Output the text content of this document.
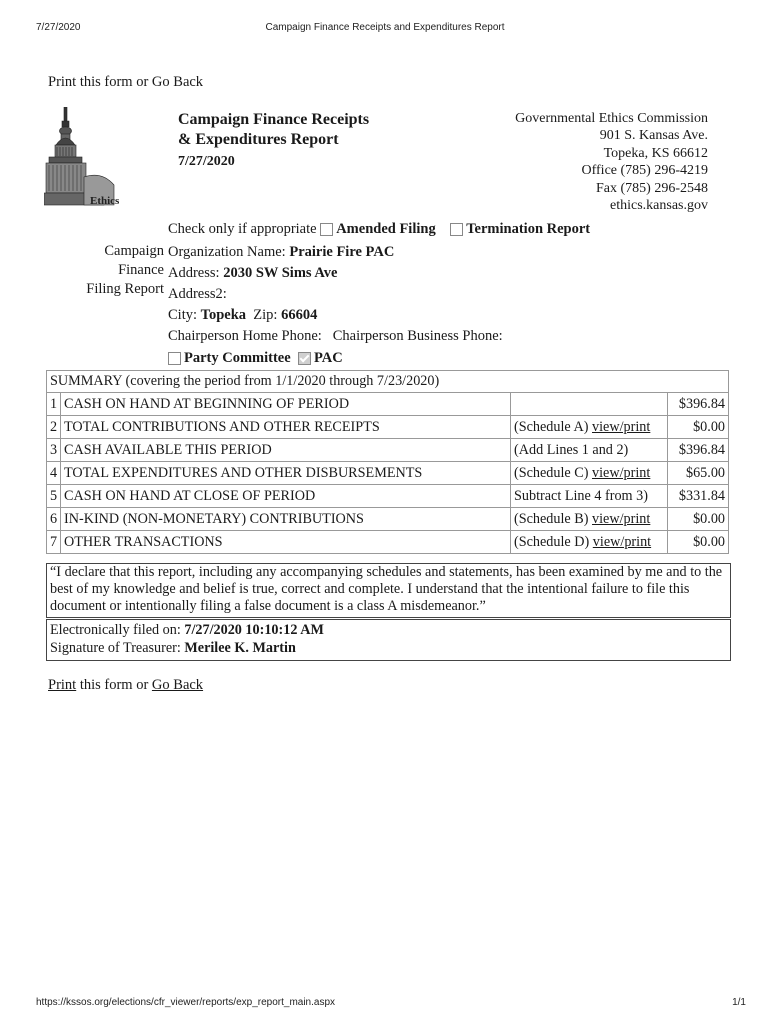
7/27/2020	Campaign Finance Receipts and Expenditures Report
Print this form or Go Back
Ethics
Campaign Finance Receipts
& Expenditures Report
7/27/2020
Governmental Ethics Commission
901 S. Kansas Ave.
Topeka, KS 66612
Office (785) 296-4219
Fax (785) 296-2548
ethics.kansas.gov
Check only if appropriate
Amended Filing
Termination Report
Campaign
Finance
Filing Report
Organization Name: Prairie Fire PAC
Address: 2030 SW Sims Ave
Address2:
City: Topeka Zip: 66604
Chairperson Home Phone: Chairperson Business Phone:
Party Committee
PAC
SUMMARY (covering the period from 1/1/2020 through 7/23/2020)			
1	CASH ON HAND AT BEGINNING OF PERIOD		$396.84
2	TOTAL CONTRIBUTIONS AND OTHER RECEIPTS	(Schedule A) view/print	$0.00
3	CASH AVAILABLE THIS PERIOD	(Add Lines 1 and 2)	$396.84
4	TOTAL EXPENDITURES AND OTHER DISBURSEMENTS	(Schedule C) view/print	$65.00
5	CASH ON HAND AT CLOSE OF PERIOD	Subtract Line 4 from 3)	$331.84
6	IN-KIND (NON-MONETARY) CONTRIBUTIONS	(Schedule B) view/print	$0.00
7	OTHER TRANSACTIONS	(Schedule D) view/print	$0.00
“I declare that this report, including any accompanying schedules and statements, has been examined by me and to the best of my knowledge and belief is true, correct and complete. I understand that the intentional failure to file this document or intentionally filing a false document is a class A misdemeanor.”
Electronically filed on: 7/27/2020 10:10:12 AM
Signature of Treasurer: Merilee K. Martin
Print this form or Go Back
https://kssos.org/elections/cfr_viewer/reports/exp_report_main.aspx	1/1
